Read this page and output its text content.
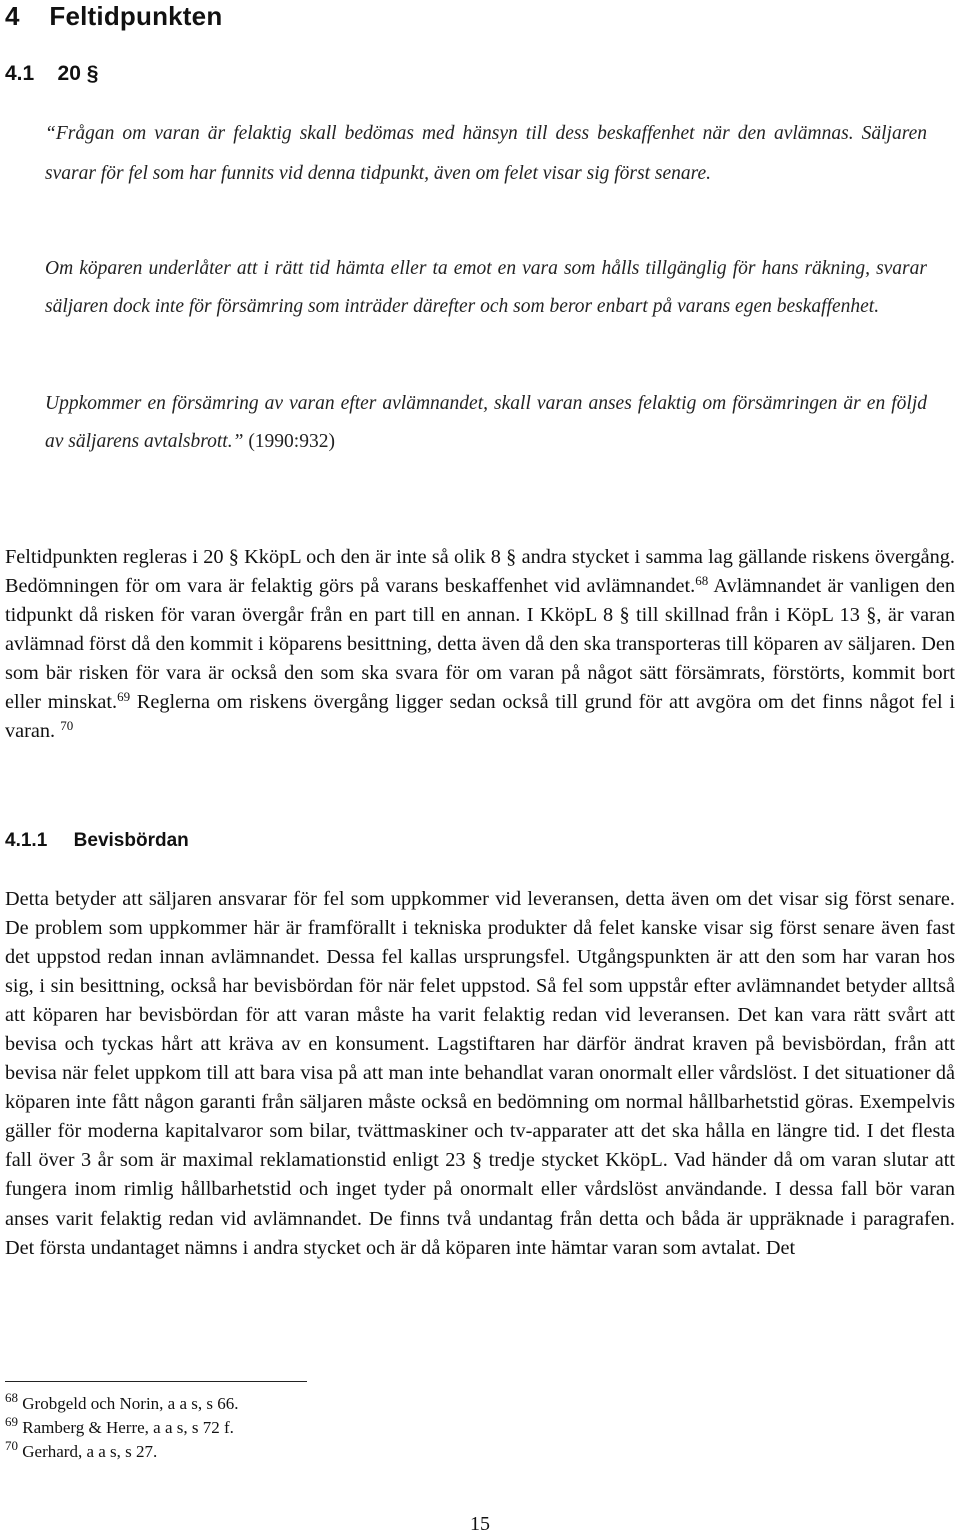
4 Feltidpunkten
4.1 20 §
“Frågan om varan är felaktig skall bedömas med hänsyn till dess beskaffenhet när den avlämnas. Säljaren svarar för fel som har funnits vid denna tidpunkt, även om felet visar sig först senare.
Om köparen underlåter att i rätt tid hämta eller ta emot en vara som hålls tillgänglig för hans räkning, svarar säljaren dock inte för försämring som inträder därefter och som beror enbart på varans egen beskaffenhet.
Uppkommer en försämring av varan efter avlämnandet, skall varan anses felaktig om försämringen är en följd av säljarens avtalsbrott.” (1990:932)
Feltidpunkten regleras i 20 § KköpL och den är inte så olik 8 § andra stycket i samma lag gällande riskens övergång. Bedömningen för om vara är felaktig görs på varans beskaffenhet vid avlämnandet.$^{68}$ Avlämnandet är vanligen den tidpunkt då risken för varan övergår från en part till en annan. I KköpL 8 § till skillnad från i KöpL 13 §, är varan avlämnad först då den kommit i köparens besittning, detta även då den ska transporteras till köparen av säljaren. Den som bär risken för vara är också den som ska svara för om varan på något sätt försämrats, förstörts, kommit bort eller minskat.$^{69}$ Reglerna om riskens övergång ligger sedan också till grund för att avgöra om det finns något fel i varan. $^{70}$
4.1.1 Bevisbördan
Detta betyder att säljaren ansvarar för fel som uppkommer vid leveransen, detta även om det visar sig först senare. De problem som uppkommer här är framförallt i tekniska produkter då felet kanske visar sig först senare även fast det uppstod redan innan avlämnandet. Dessa fel kallas ursprungsfel. Utgångspunkten är att den som har varan hos sig, i sin besittning, också har bevisbördan för när felet uppstod. Så fel som uppstår efter avlämnandet betyder alltså att köparen har bevisbördan för att varan måste ha varit felaktig redan vid leveransen. Det kan vara rätt svårt att bevisa och tyckas hårt att kräva av en konsument. Lagstiftaren har därför ändrat kraven på bevisbördan, från att bevisa när felet uppkom till att bara visa på att man inte behandlat varan onormalt eller vårdslöst. I det situationer då köparen inte fått någon garanti från säljaren måste också en bedömning om normal hållbarhetstid göras. Exempelvis gäller för moderna kapitalvaror som bilar, tvättmaskiner och tv-apparater att det ska hålla en längre tid. I det flesta fall över 3 år som är maximal reklamationstid enligt 23 § tredje stycket KköpL. Vad händer då om varan slutar att fungera inom rimlig hållbarhetstid och inget tyder på onormalt eller vårdslöst användande. I dessa fall bör varan anses varit felaktig redan vid avlämnandet. De finns två undantag från detta och båda är uppräknade i paragrafen. Det första undantaget nämns i andra stycket och är då köparen inte hämtar varan som avtalat. Det
$^{68}$ Grobgeld och Norin, a a s, s 66.
$^{69}$ Ramberg & Herre, a a s, s 72 f.
$^{70}$ Gerhard, a a s, s 27.
15
